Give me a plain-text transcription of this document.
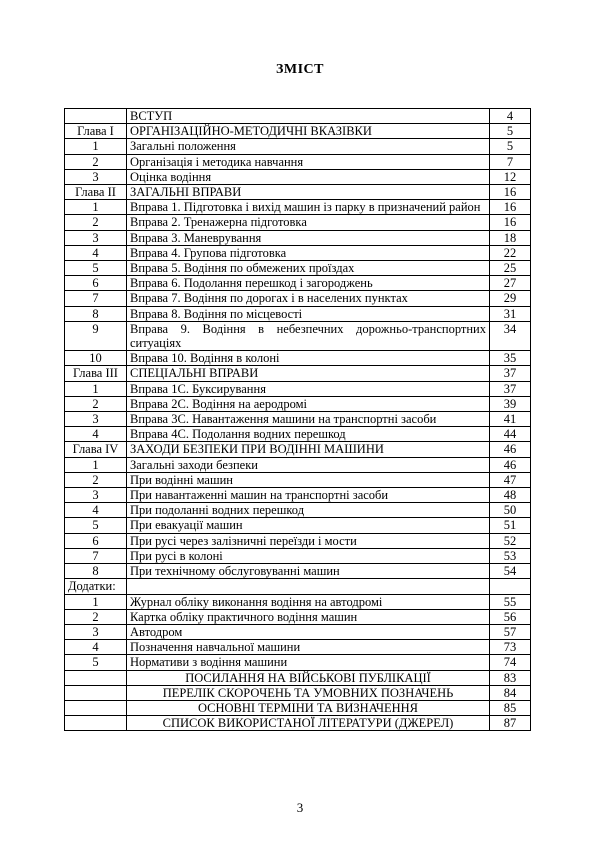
ЗМІСТ
	ВСТУП	4
Глава I	ОРГАНІЗАЦІЙНО-МЕТОДИЧНІ ВКАЗІВКИ	5
1	Загальні положення	5
2	Організація і методика навчання	7
3	Оцінка водіння	12
Глава II	ЗАГАЛЬНІ ВПРАВИ	16
1	Вправа 1. Підготовка і вихід машин із парку в призначений район	16
2	Вправа 2. Тренажерна підготовка	16
3	Вправа 3. Маневрування	18
4	Вправа 4. Групова підготовка	22
5	Вправа 5. Водіння по обмежених проїздах	25
6	Вправа 6. Подолання перешкод і загороджень	27
7	Вправа 7. Водіння по дорогах і в населених пунктах	29
8	Вправа 8. Водіння по місцевості	31
9	Вправа 9. Водіння в небезпечних дорожньо-транспортних ситуаціях	34
10	Вправа 10. Водіння в колоні	35
Глава III	СПЕЦІАЛЬНІ ВПРАВИ	37
1	Вправа 1С. Буксирування	37
2	Вправа 2С. Водіння на аеродромі	39
3	Вправа 3С. Навантаження машини на транспортні засоби	41
4	Вправа 4С. Подолання водних перешкод	44
Глава IV	ЗАХОДИ БЕЗПЕКИ ПРИ ВОДІННІ МАШИНИ	46
1	Загальні заходи безпеки	46
2	При водінні машин	47
3	При навантаженні машин на транспортні засоби	48
4	При подоланні водних перешкод	50
5	При евакуації машин	51
6	При русі через залізничні переїзди і мости	52
7	При русі в колоні	53
8	При технічному обслуговуванні машин	54
Додатки:		
1	Журнал обліку виконання водіння на автодромі	55
2	Картка обліку практичного водіння машин	56
3	Автодром	57
4	Позначення навчальної машини	73
5	Нормативи з водіння машини	74
	ПОСИЛАННЯ НА ВІЙСЬКОВІ ПУБЛІКАЦІЇ	83
	ПЕРЕЛІК СКОРОЧЕНЬ ТА УМОВНИХ ПОЗНАЧЕНЬ	84
	ОСНОВНІ ТЕРМІНИ ТА ВИЗНАЧЕННЯ	85
	СПИСОК ВИКОРИСТАНОЇ ЛІТЕРАТУРИ (ДЖЕРЕЛ)	87
3
